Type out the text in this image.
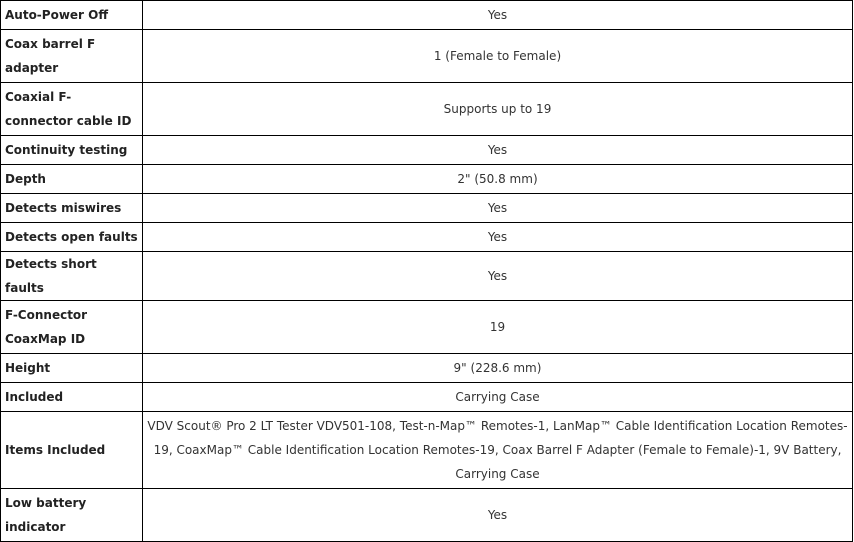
Auto-Power Off	Yes
Coax barrel F adapter	1 (Female to Female)
Coaxial F-connector cable ID	Supports up to 19
Continuity testing	Yes
Depth	2" (50.8 mm)
Detects miswires	Yes
Detects open faults	Yes
Detects short faults	Yes
F-Connector CoaxMap ID	19
Height	9" (228.6 mm)
Included	Carrying Case
Items Included	VDV Scout® Pro 2 LT Tester VDV501-108, Test-n-Map™ Remotes-1, LanMap™ Cable Identification Location Remotes-19, CoaxMap™ Cable Identification Location Remotes-19, Coax Barrel F Adapter (Female to Female)-1, 9V Battery, Carrying Case
Low battery indicator	Yes
